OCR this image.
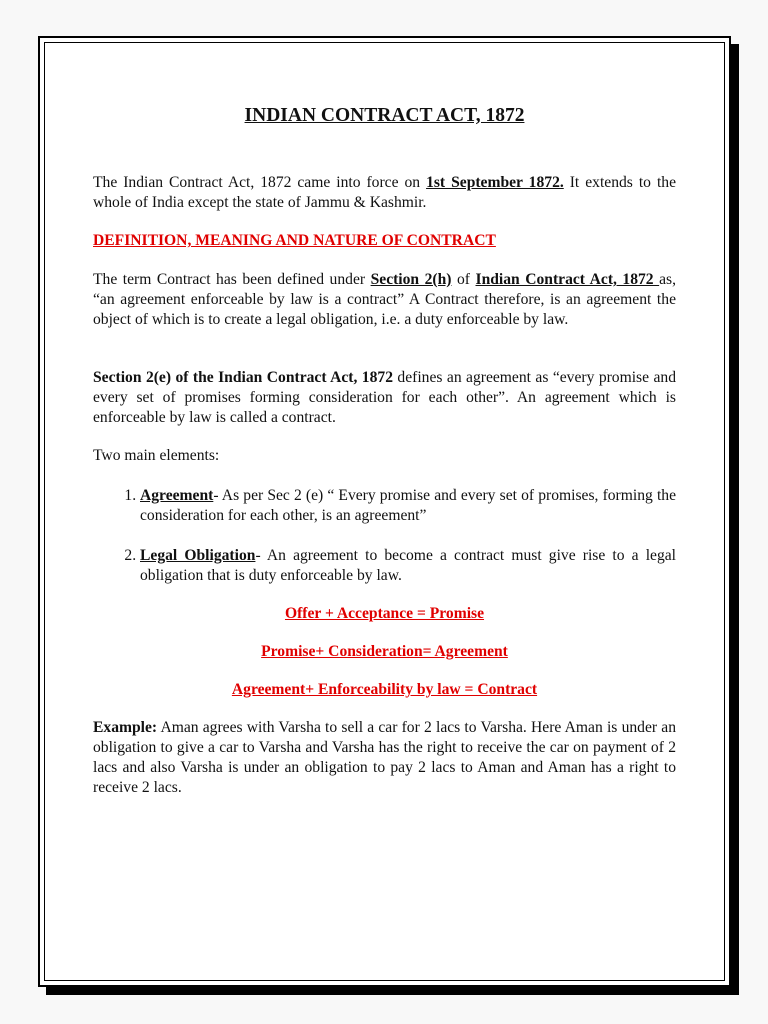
INDIAN CONTRACT ACT, 1872

The Indian Contract Act, 1872 came into force on 1st September 1872. It extends to the whole of India except the state of Jammu & Kashmir.

DEFINITION, MEANING AND NATURE OF CONTRACT

The term Contract has been defined under Section 2(h) of Indian Contract Act, 1872 as, “an agreement enforceable by law is a contract” A Contract therefore, is an agreement the object of which is to create a legal obligation, i.e. a duty enforceable by law.

Section 2(e) of the Indian Contract Act, 1872 defines an agreement as “every promise and every set of promises forming consideration for each other”. An agreement which is enforceable by law is called a contract.

Two main elements:

1. Agreement- As per Sec 2 (e) “ Every promise and every set of promises, forming the consideration for each other, is an agreement”
2. Legal Obligation- An agreement to become a contract must give rise to a legal obligation that is duty enforceable by law.

Offer + Acceptance = Promise

Promise+ Consideration= Agreement

Agreement+ Enforceability by law = Contract

Example: Aman agrees with Varsha to sell a car for 2 lacs to Varsha. Here Aman is under an obligation to give a car to Varsha and Varsha has the right to receive the car on payment of 2 lacs and also Varsha is under an obligation to pay 2 lacs to Aman and Aman has a right to receive 2 lacs.
